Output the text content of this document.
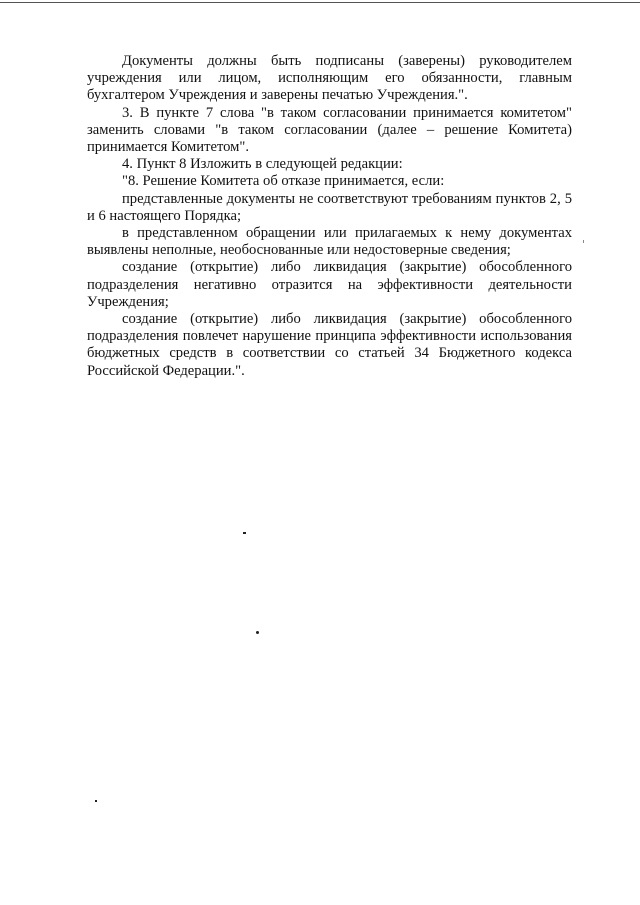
Документы должны быть подписаны (заверены) руководителем учреждения или лицом, исполняющим его обязанности, главным бухгалтером Учреждения и заверены печатью Учреждения.".

3. В пункте 7 слова "в таком согласовании принимается комитетом" заменить словами "в таком согласовании (далее – решение Комитета) принимается Комитетом".

4. Пункт 8 Изложить в следующей редакции:

"8. Решение Комитета об отказе принимается, если:

представленные документы не соответствуют требованиям пунктов 2, 5 и 6 настоящего Порядка;

в представленном обращении или прилагаемых к нему документах выявлены неполные, необоснованные или недостоверные сведения;

создание (открытие) либо ликвидация (закрытие) обособленного подразделения негативно отразится на эффективности деятельности Учреждения;

создание (открытие) либо ликвидация (закрытие) обособленного подразделения повлечет нарушение принципа эффективности использования бюджетных средств в соответствии со статьей 34 Бюджетного кодекса Российской Федерации.".
